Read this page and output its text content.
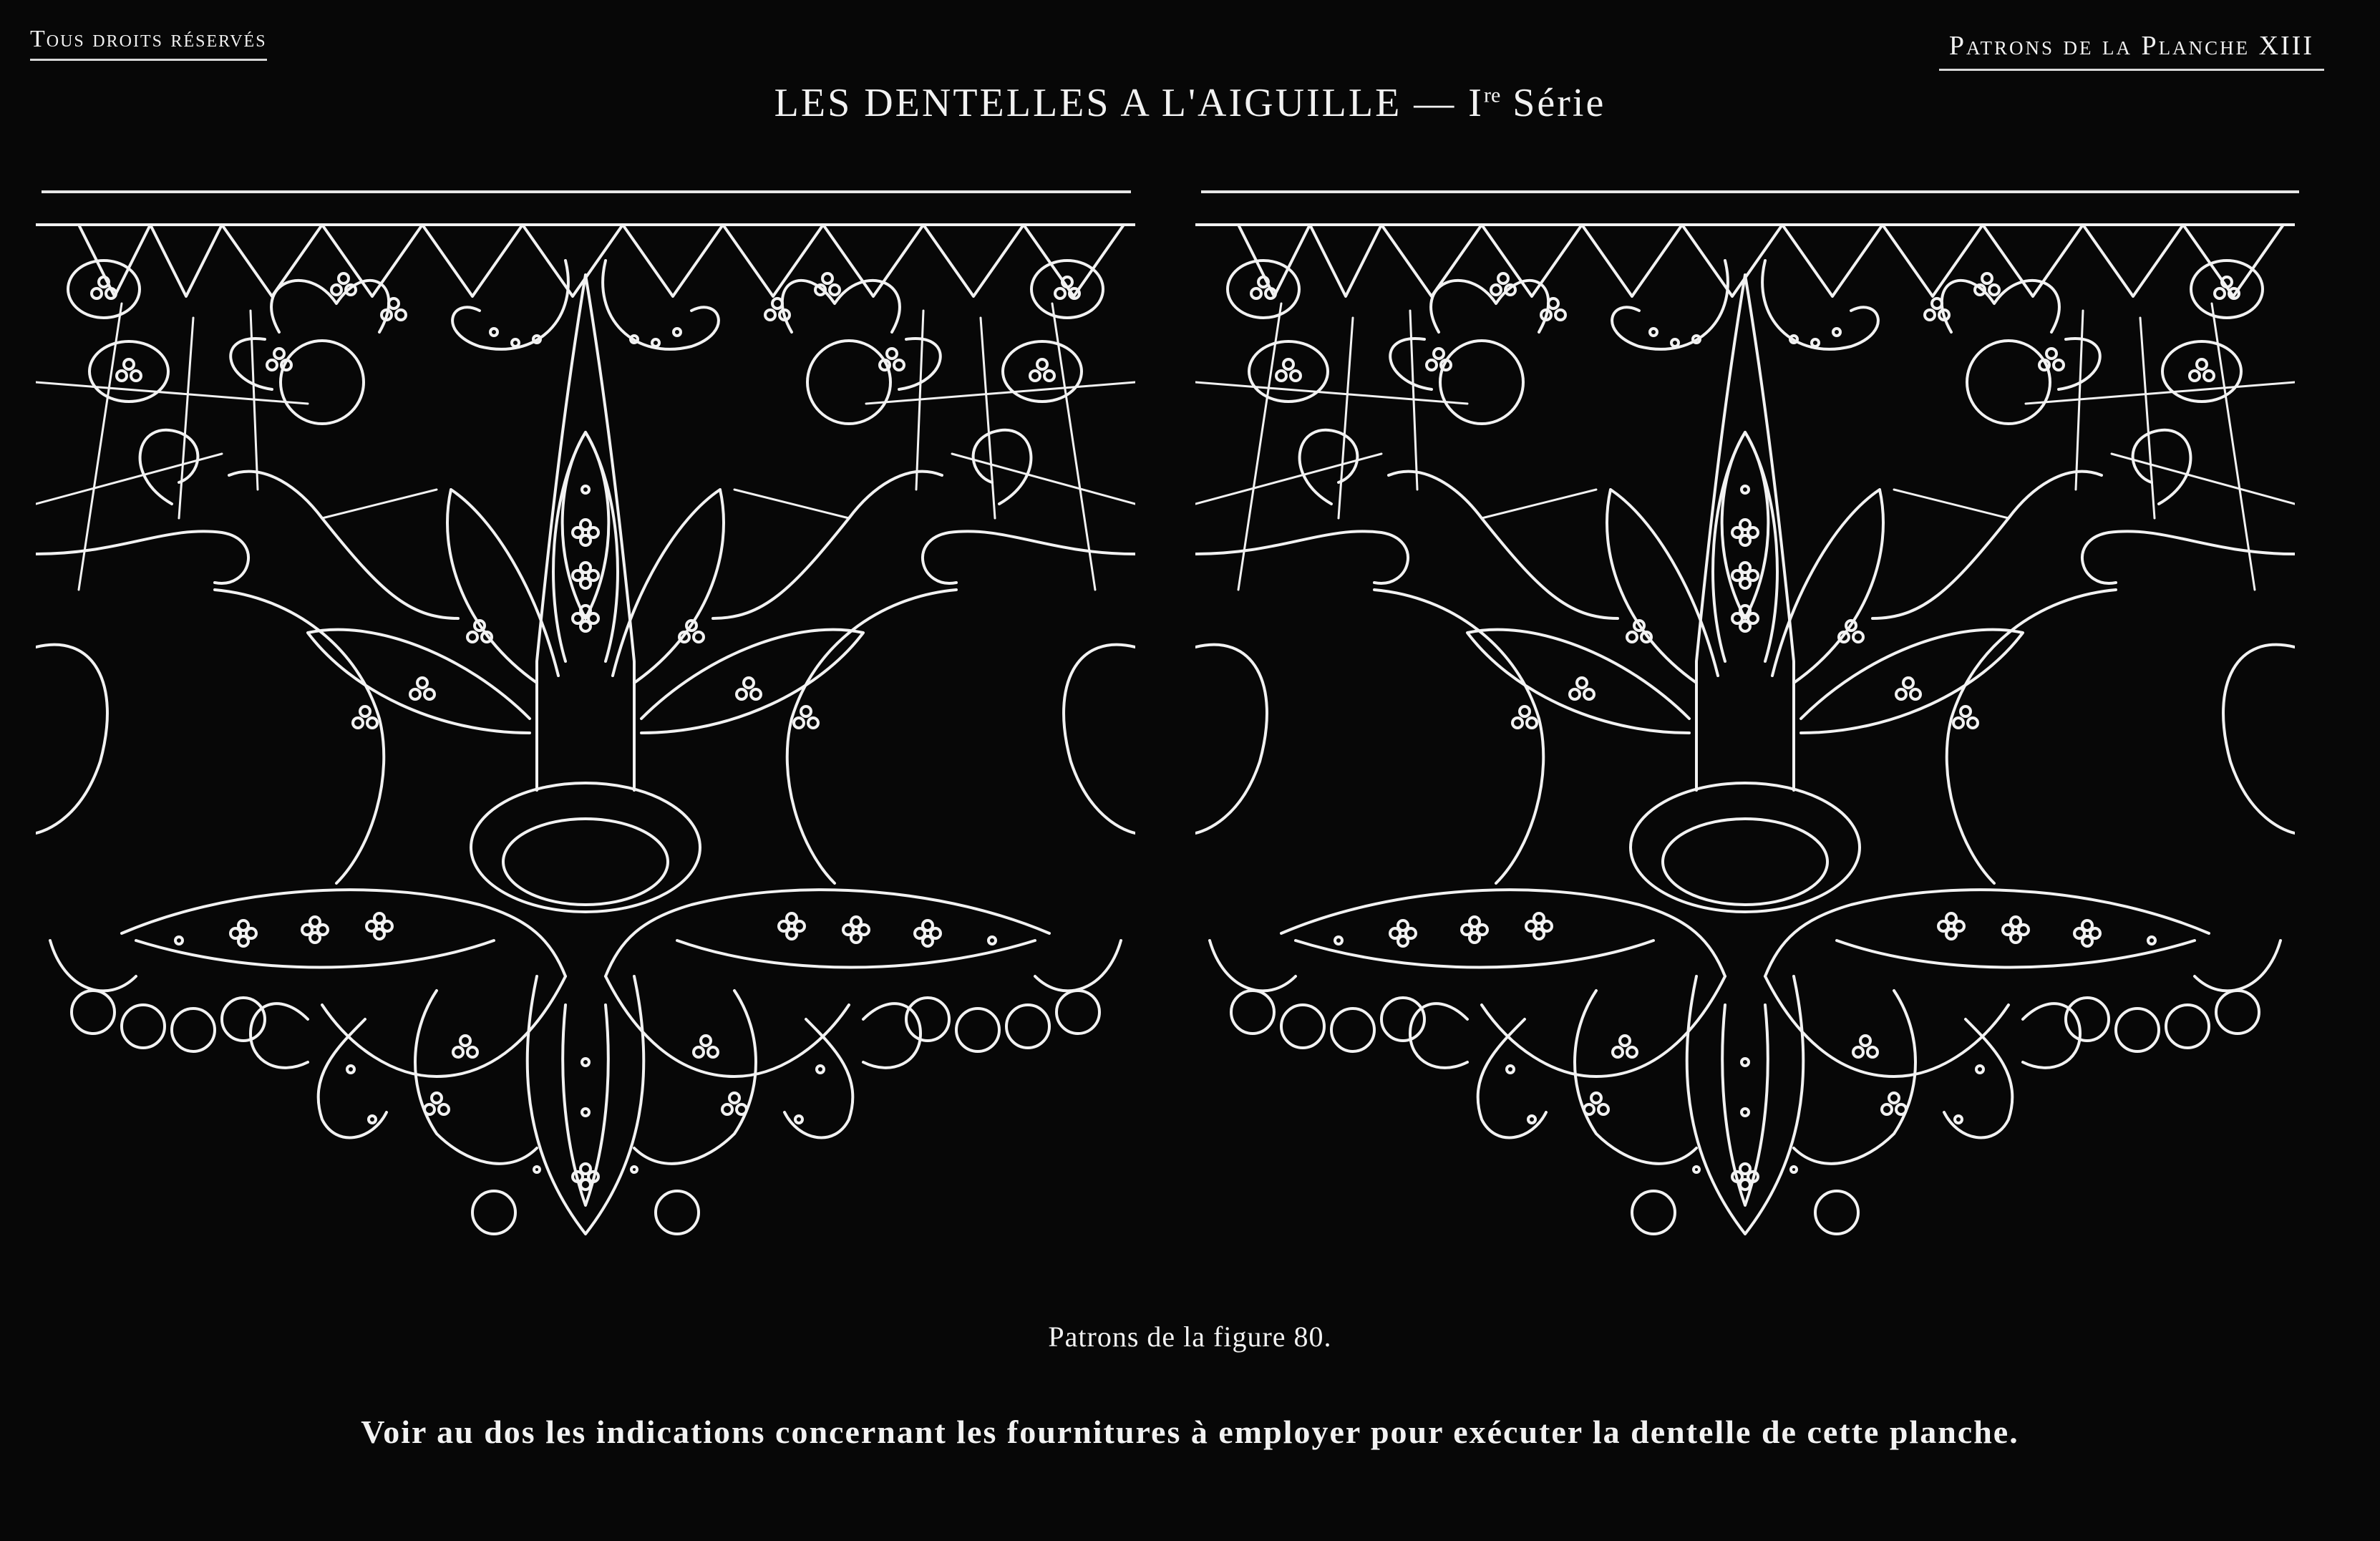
Tous droits réservés	Patrons de la Planche XIII
LES DENTELLES A L'AIGUILLE — Ire Série
Patrons de la figure 80.
Voir au dos les indications concernant les fournitures à employer pour exécuter la dentelle de cette planche.
